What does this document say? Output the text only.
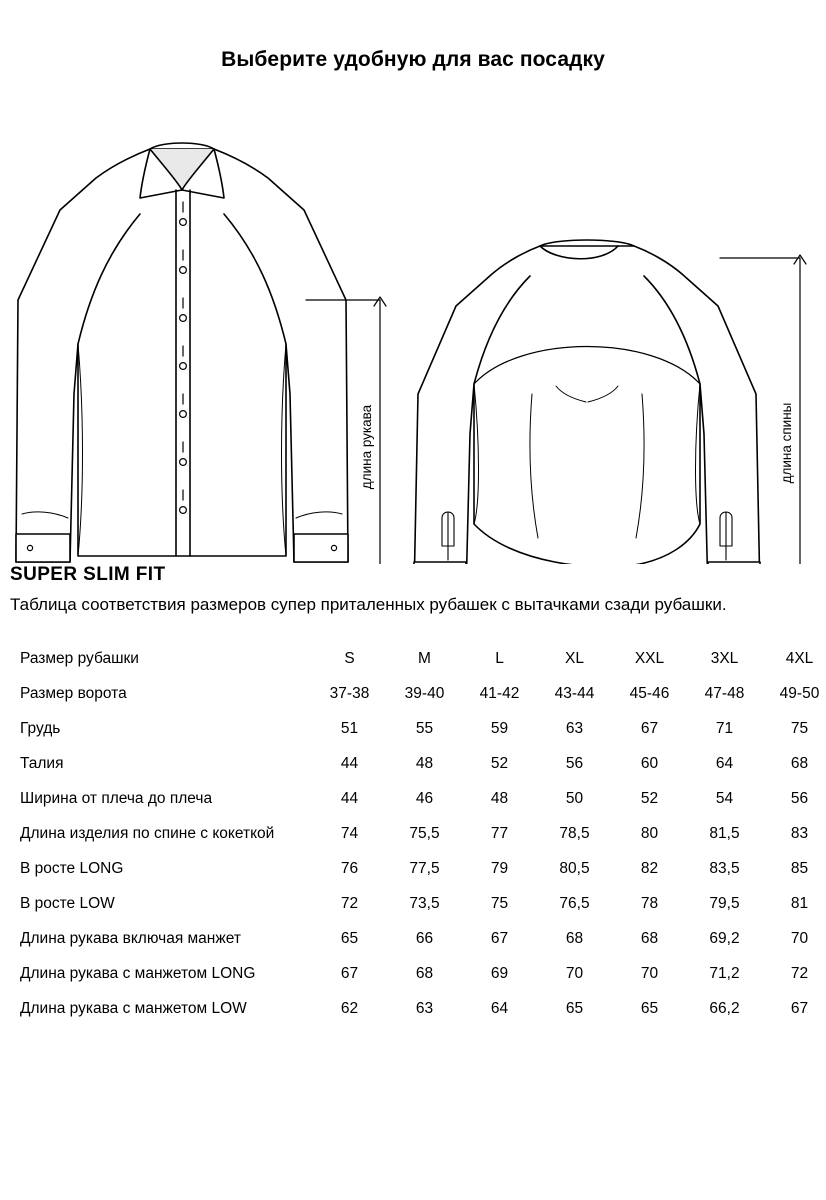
Выберите удобную для вас посадку
длина рукава	длина спины
SUPER SLIM FIT

Таблица соответствия размеров супер приталенных рубашек с вытачками сзади рубашки.

Размер рубашки	S	M	L	XL	XXL	3XL	4XL
Размер ворота	37-38	39-40	41-42	43-44	45-46	47-48	49-50
Грудь	51	55	59	63	67	71	75
Талия	44	48	52	56	60	64	68
Ширина от плеча до плеча	44	46	48	50	52	54	56
Длина изделия по спине с кокеткой	74	75,5	77	78,5	80	81,5	83
В росте LONG	76	77,5	79	80,5	82	83,5	85
В росте LOW	72	73,5	75	76,5	78	79,5	81
Длина рукава включая манжет	65	66	67	68	68	69,2	70
Длина рукава с манжетом LONG	67	68	69	70	70	71,2	72
Длина рукава с манжетом LOW	62	63	64	65	65	66,2	67
